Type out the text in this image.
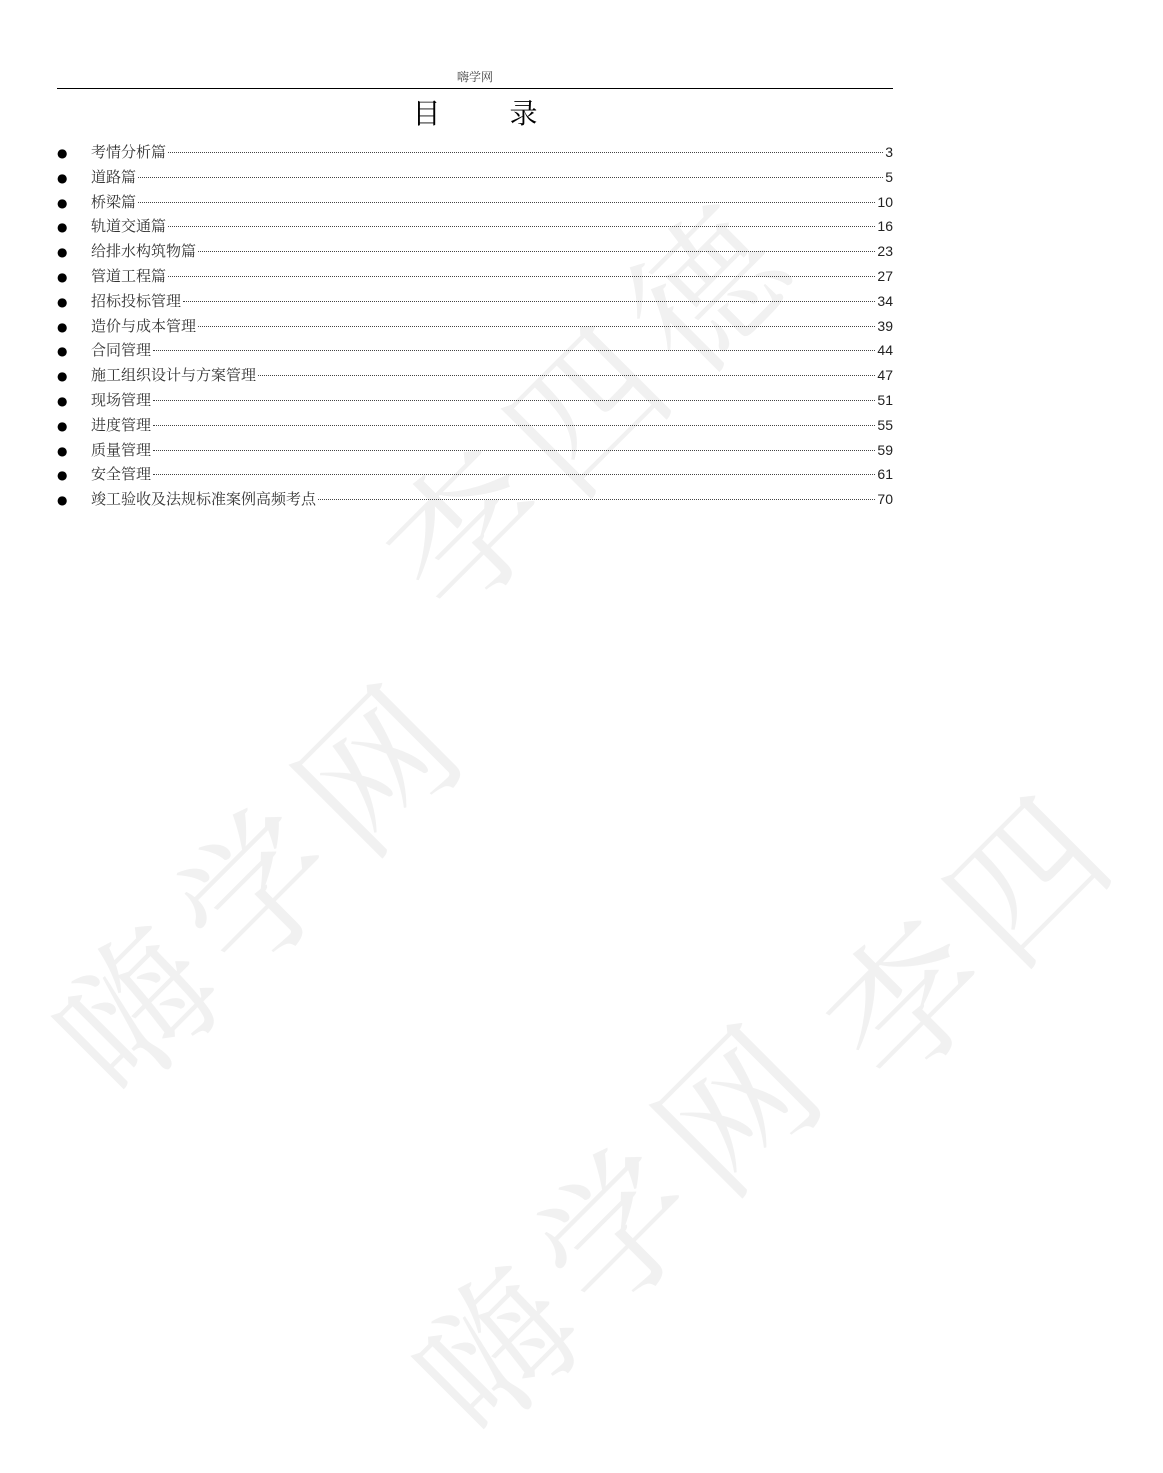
李四德
嗨学网
嗨学网
李四
嗨学网
目 录
●	考情分析篇	3
●	道路篇	5
●	桥梁篇	10
●	轨道交通篇	16
●	给排水构筑物篇	23
●	管道工程篇	27
●	招标投标管理	34
●	造价与成本管理	39
●	合同管理	44
●	施工组织设计与方案管理	47
●	现场管理	51
●	进度管理	55
●	质量管理	59
●	安全管理	61
●	竣工验收及法规标准案例高频考点	70
